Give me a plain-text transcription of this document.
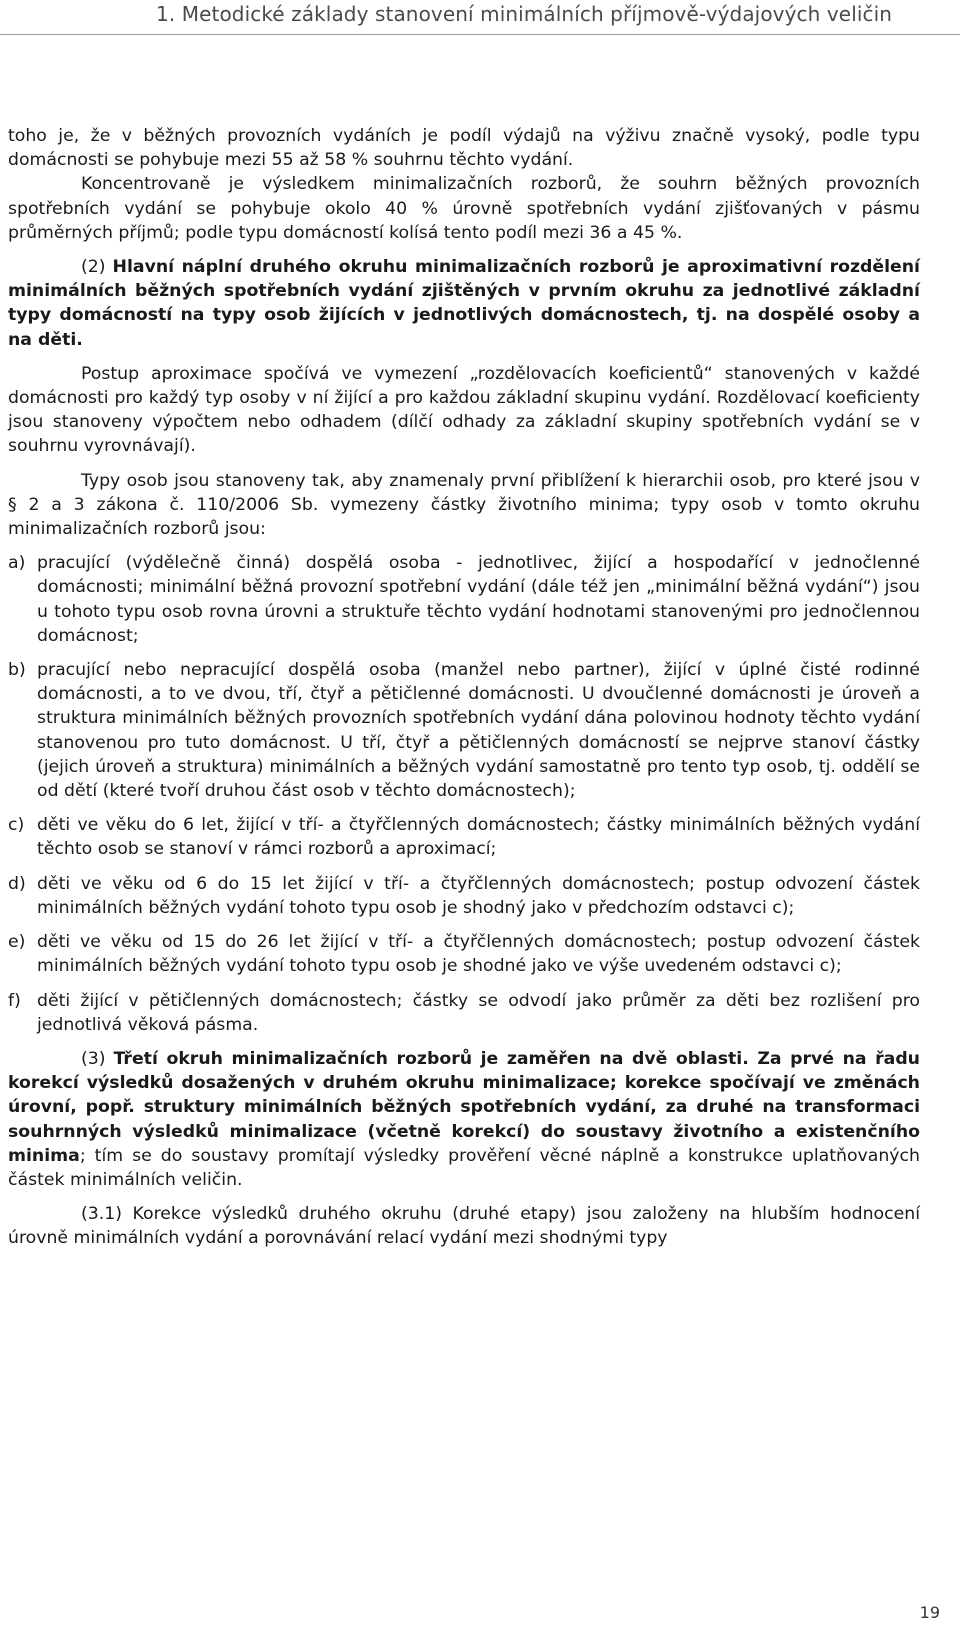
1. Metodické základy stanovení minimálních příjmově-výdajových veličin

toho je, že v běžných provozních vydáních je podíl výdajů na výživu značně vysoký, podle typu domácnosti se pohybuje mezi 55 až 58 % souhrnu těchto vydání.

Koncentrovaně je výsledkem minimalizačních rozborů, že souhrn běžných provozních spotřebních vydání se pohybuje okolo 40 % úrovně spotřebních vydání zjišťovaných v pásmu průměrných příjmů; podle typu domácností kolísá tento podíl mezi 36 a 45 %.

(2) Hlavní náplní druhého okruhu minimalizačních rozborů je aproximativní rozdělení minimálních běžných spotřebních vydání zjištěných v prvním okruhu za jednotlivé základní typy domácností na typy osob žijících v jednotlivých domácnostech, tj. na dospělé osoby a na děti.

Postup aproximace spočívá ve vymezení „rozdělovacích koeficientů“ stanovených v každé domácnosti pro každý typ osoby v ní žijící a pro každou základní skupinu vydání. Rozdělovací koeficienty jsou stanoveny výpočtem nebo odhadem (dílčí odhady za základní skupiny spotřebních vydání se v souhrnu vyrovnávají).

Typy osob jsou stanoveny tak, aby znamenaly první přiblížení k hierarchii osob, pro které jsou v § 2 a 3 zákona č. 110/2006 Sb. vymezeny částky životního minima; typy osob v tomto okruhu minimalizačních rozborů jsou:

a) pracující (výdělečně činná) dospělá osoba - jednotlivec, žijící a hospodařící v jednočlenné domácnosti; minimální běžná provozní spotřební vydání (dále též jen „minimální běžná vydání“) jsou u tohoto typu osob rovna úrovni a struktuře těchto vydání hodnotami stanovenými pro jednočlennou domácnost;
b) pracující nebo nepracující dospělá osoba (manžel nebo partner), žijící v úplné čisté rodinné domácnosti, a to ve dvou, tří, čtyř a pětičlenné domácnosti. U dvoučlenné domácnosti je úroveň a struktura minimálních běžných provozních spotřebních vydání dána polovinou hodnoty těchto vydání stanovenou pro tuto domácnost. U tří, čtyř a pětičlenných domácností se nejprve stanoví částky (jejich úroveň a struktura) minimálních a běžných vydání samostatně pro tento typ osob, tj. oddělí se od dětí (které tvoří druhou část osob v těchto domácnostech);
c) děti ve věku do 6 let, žijící v tří- a čtyřčlenných domácnostech; částky minimálních běžných vydání těchto osob se stanoví v rámci rozborů a aproximací;
d) děti ve věku od 6 do 15 let žijící v tří- a čtyřčlenných domácnostech; postup odvození částek minimálních běžných vydání tohoto typu osob je shodný jako v předchozím odstavci c);
e) děti ve věku od 15 do 26 let žijící v tří- a čtyřčlenných domácnostech; postup odvození částek minimálních běžných vydání tohoto typu osob je shodné jako ve výše uvedeném odstavci c);
f) děti žijící v pětičlenných domácnostech; částky se odvodí jako průměr za děti bez rozlišení pro jednotlivá věková pásma.

(3) Třetí okruh minimalizačních rozborů je zaměřen na dvě oblasti. Za prvé na řadu korekcí výsledků dosažených v druhém okruhu minimalizace; korekce spočívají ve změnách úrovní, popř. struktury minimálních běžných spotřebních vydání, za druhé na transformaci souhrnných výsledků minimalizace (včetně korekcí) do soustavy životního a existenčního minima; tím se do soustavy promítají výsledky prověření věcné náplně a konstrukce uplatňovaných částek minimálních veličin.

(3.1) Korekce výsledků druhého okruhu (druhé etapy) jsou založeny na hlubším hodnocení úrovně minimálních vydání a porovnávání relací vydání mezi shodnými typy

19
